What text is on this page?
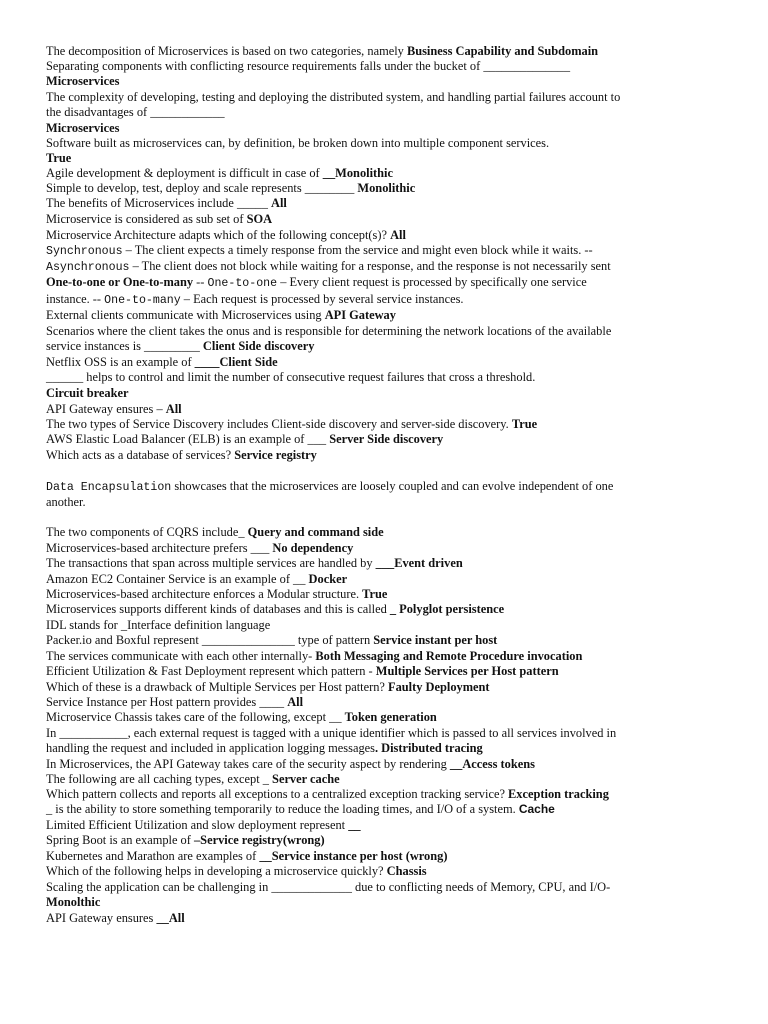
The decomposition of Microservices is based on two categories, namely Business Capability and Subdomain
Separating components with conflicting resource requirements falls under the bucket of ______________
Microservices
The complexity of developing, testing and deploying the distributed system, and handling partial failures account to
the disadvantages of ____________
Microservices
Software built as microservices can, by definition, be broken down into multiple component services.
True
Agile development & deployment is difficult in case of __Monolithic
Simple to develop, test, deploy and scale represents ________ Monolithic
The benefits of Microservices include _____ All
Microservice is considered as sub set of SOA
Microservice Architecture adapts which of the following concept(s)? All
Synchronous – The client expects a timely response from the service and might even block while it waits. --
Asynchronous – The client does not block while waiting for a response, and the response is not necessarily sent
One-to-one or One-to-many -- One-to-one – Every client request is processed by specifically one service
instance. -- One-to-many – Each request is processed by several service instances.
External clients communicate with Microservices using API Gateway
Scenarios where the client takes the onus and is responsible for determining the network locations of the available
service instances is _________ Client Side discovery
Netflix OSS is an example of ____Client Side
______ helps to control and limit the number of consecutive request failures that cross a threshold.
Circuit breaker
API Gateway ensures – All
The two types of Service Discovery includes Client-side discovery and server-side discovery. True
AWS Elastic Load Balancer (ELB) is an example of ___ Server Side discovery
Which acts as a database of services? Service registry
Data Encapsulation showcases that the microservices are loosely coupled and can evolve independent of one
another.
The two components of CQRS include_ Query and command side
Microservices-based architecture prefers ___ No dependency
The transactions that span across multiple services are handled by ___Event driven
Amazon EC2 Container Service is an example of __ Docker
Microservices-based architecture enforces a Modular structure. True
Microservices supports different kinds of databases and this is called _ Polyglot persistence
IDL stands for _Interface definition language
Packer.io and Boxful represent _______________ type of pattern Service instant per host
The services communicate with each other internally- Both Messaging and Remote Procedure invocation
Efficient Utilization & Fast Deployment represent which pattern - Multiple Services per Host pattern
Which of these is a drawback of Multiple Services per Host pattern? Faulty Deployment
Service Instance per Host pattern provides ____ All
Microservice Chassis takes care of the following, except __ Token generation
In ___________, each external request is tagged with a unique identifier which is passed to all services involved in
handling the request and included in application logging messages. Distributed tracing
In Microservices, the API Gateway takes care of the security aspect by rendering __Access tokens
The following are all caching types, except _ Server cache
Which pattern collects and reports all exceptions to a centralized exception tracking service? Exception tracking
_ is the ability to store something temporarily to reduce the loading times, and I/O of a system. Cache
Limited Efficient Utilization and slow deployment represent __
Spring Boot is an example of –Service registry(wrong)
Kubernetes and Marathon are examples of __Service instance per host (wrong)
Which of the following helps in developing a microservice quickly? Chassis
Scaling the application can be challenging in _____________ due to conflicting needs of Memory, CPU, and I/O-
Monolthic
API Gateway ensures __All
